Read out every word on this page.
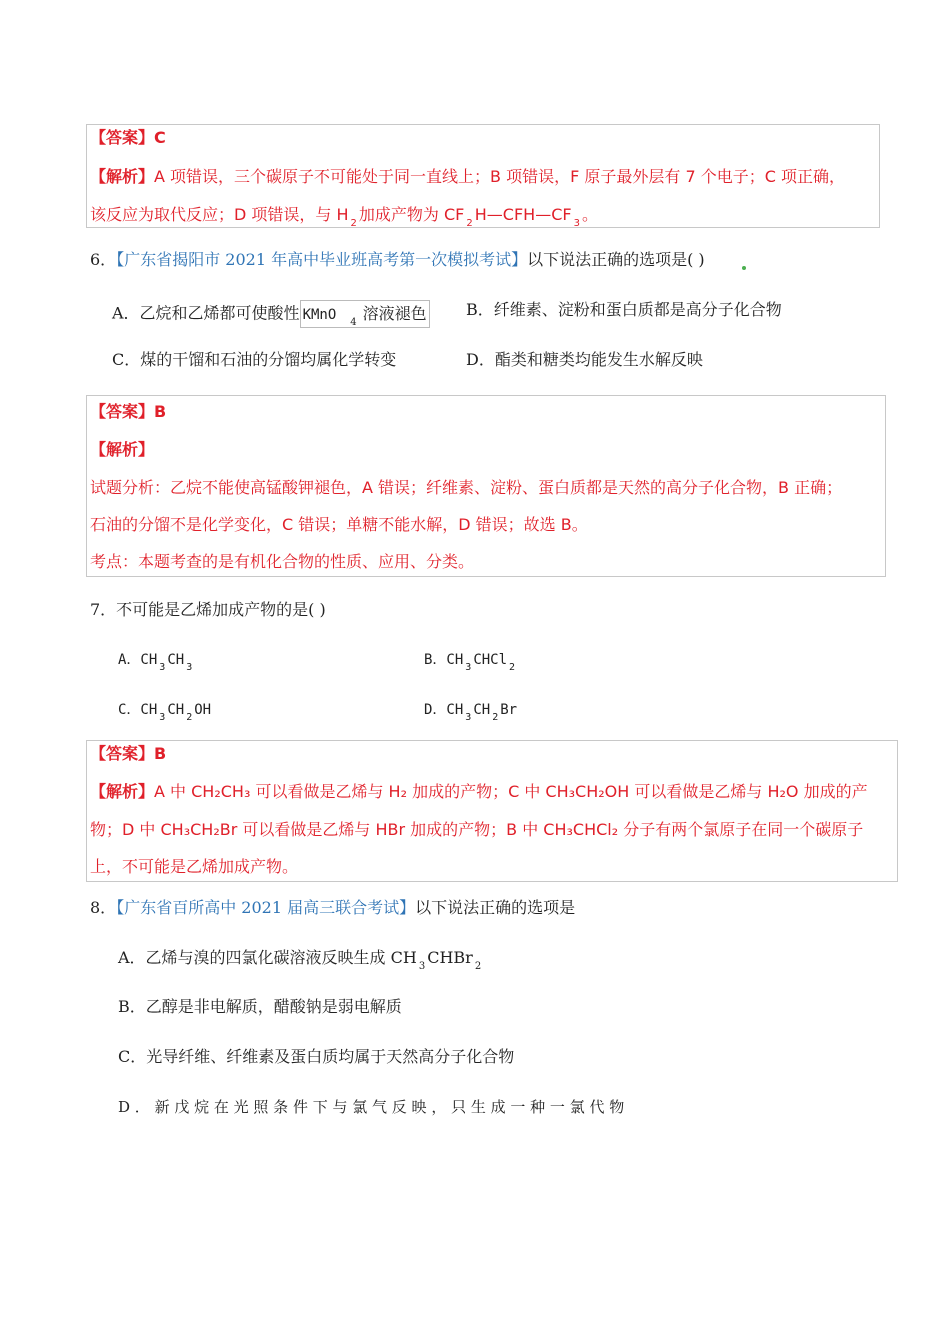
【答案】C
【解析】A 项错误，三个碳原子不可能处于同一直线上；B 项错误，F 原子最外层有 7 个电子；C 项正确，
该反应为取代反应；D 项错误，与 H $_2$ 加成产物为 CF $_2$ H—CFH—CF $_3$ 。
6．【广东省揭阳市 2021 年高中毕业班高考第一次模拟考试】以下说法正确的选项是( )
A．乙烷和乙烯都可使酸性 KMnO $_4$ 溶液褪色 B．纤维素、淀粉和蛋白质都是高分子化合物
C．煤的干馏和石油的分馏均属化学转变	D．酯类和糖类均能发生水解反映
【答案】B
【解析】
试题分析：乙烷不能使高锰酸钾褪色，A 错误；纤维素、淀粉、蛋白质都是天然的高分子化合物，B 正确；
石油的分馏不是化学变化，C 错误；单糖不能水解，D 错误；故选 B。
考点：本题考查的是有机化合物的性质、应用、分类。
7．不可能是乙烯加成产物的是( )
A．CH $_3$ CH $_3$	B．CH $_3$ CHCl $_2$
C．CH $_3$ CH $_2$ OH	D．CH $_3$ CH $_2$ Br
【答案】B
【解析】A 中 CH₂CH₃ 可以看做是乙烯与 H₂ 加成的产物；C 中 CH₃CH₂OH 可以看做是乙烯与 H₂O 加成的产
物；D 中 CH₃CH₂Br 可以看做是乙烯与 HBr 加成的产物；B 中 CH₃CHCl₂ 分子有两个氯原子在同一个碳原子
上，不可能是乙烯加成产物。
8．【广东省百所高中 2021 届高三联合考试】以下说法正确的选项是
A．乙烯与溴的四氯化碳溶液反映生成 CH $_3$ CHBr $_2$
B．乙醇是非电解质，醋酸钠是弱电解质
C．光导纤维、纤维素及蛋白质均属于天然高分子化合物
D ． 新 戊 烷 在 光 照 条 件 下 与 氯 气 反 映 ， 只 生 成 一 种 一 氯 代 物
